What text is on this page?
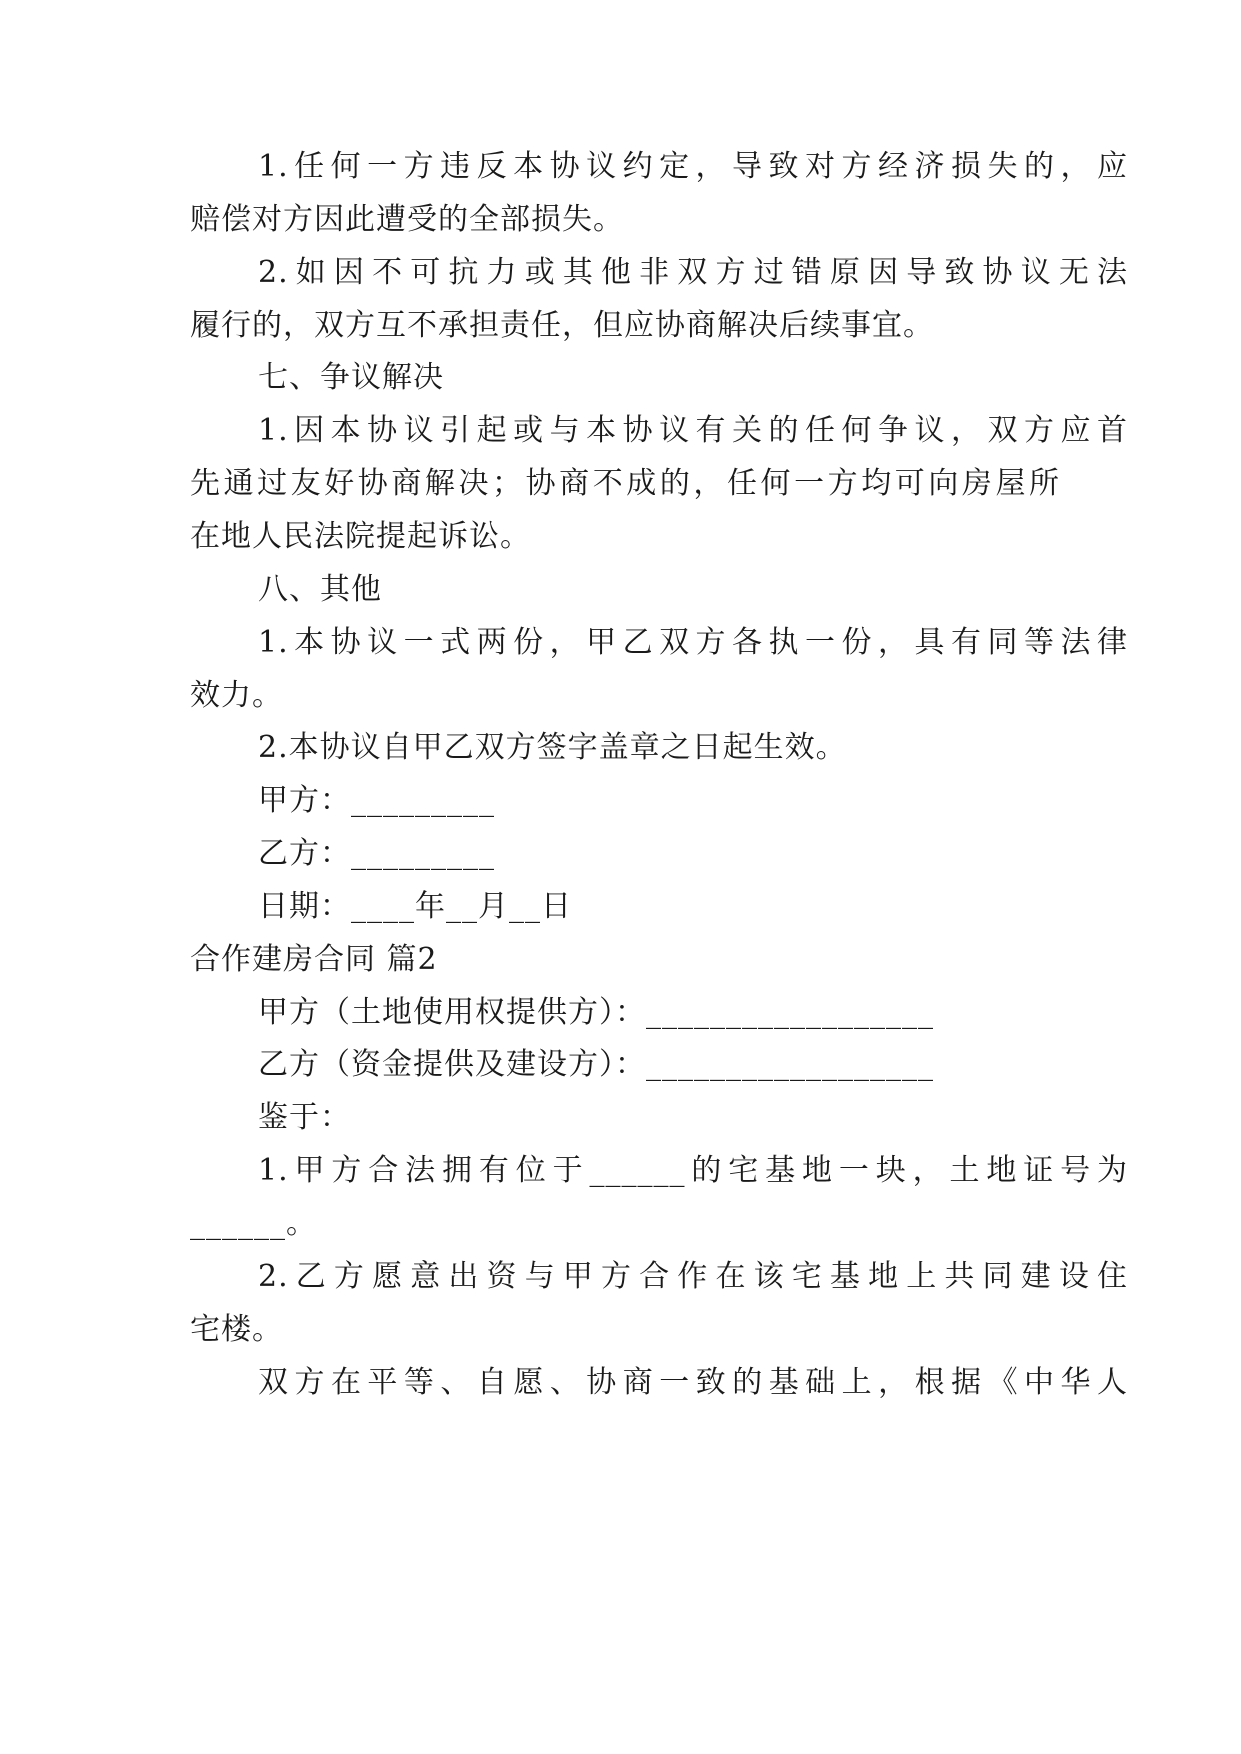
1.任何一方违反本协议约定，导致对方经济损失的，应
赔偿对方因此遭受的全部损失。
2.如因不可抗力或其他非双方过错原因导致协议无法
履行的，双方互不承担责任，但应协商解决后续事宜。
七、争议解决
1.因本协议引起或与本协议有关的任何争议，双方应首
先通过友好协商解决；协商不成的，任何一方均可向房屋所
在地人民法院提起诉讼。
八、其他
1.本协议一式两份，甲乙双方各执一份，具有同等法律
效力。
2.本协议自甲乙双方签字盖章之日起生效。
甲方：_________
乙方：_________
日期：____年__月__日
合作建房合同 篇2
甲方（土地使用权提供方）：__________________
乙方（资金提供及建设方）：__________________
鉴于：
1.甲方合法拥有位于______的宅基地一块，土地证号为
______。
2.乙方愿意出资与甲方合作在该宅基地上共同建设住
宅楼。
双方在平等、自愿、协商一致的基础上，根据《中华人
